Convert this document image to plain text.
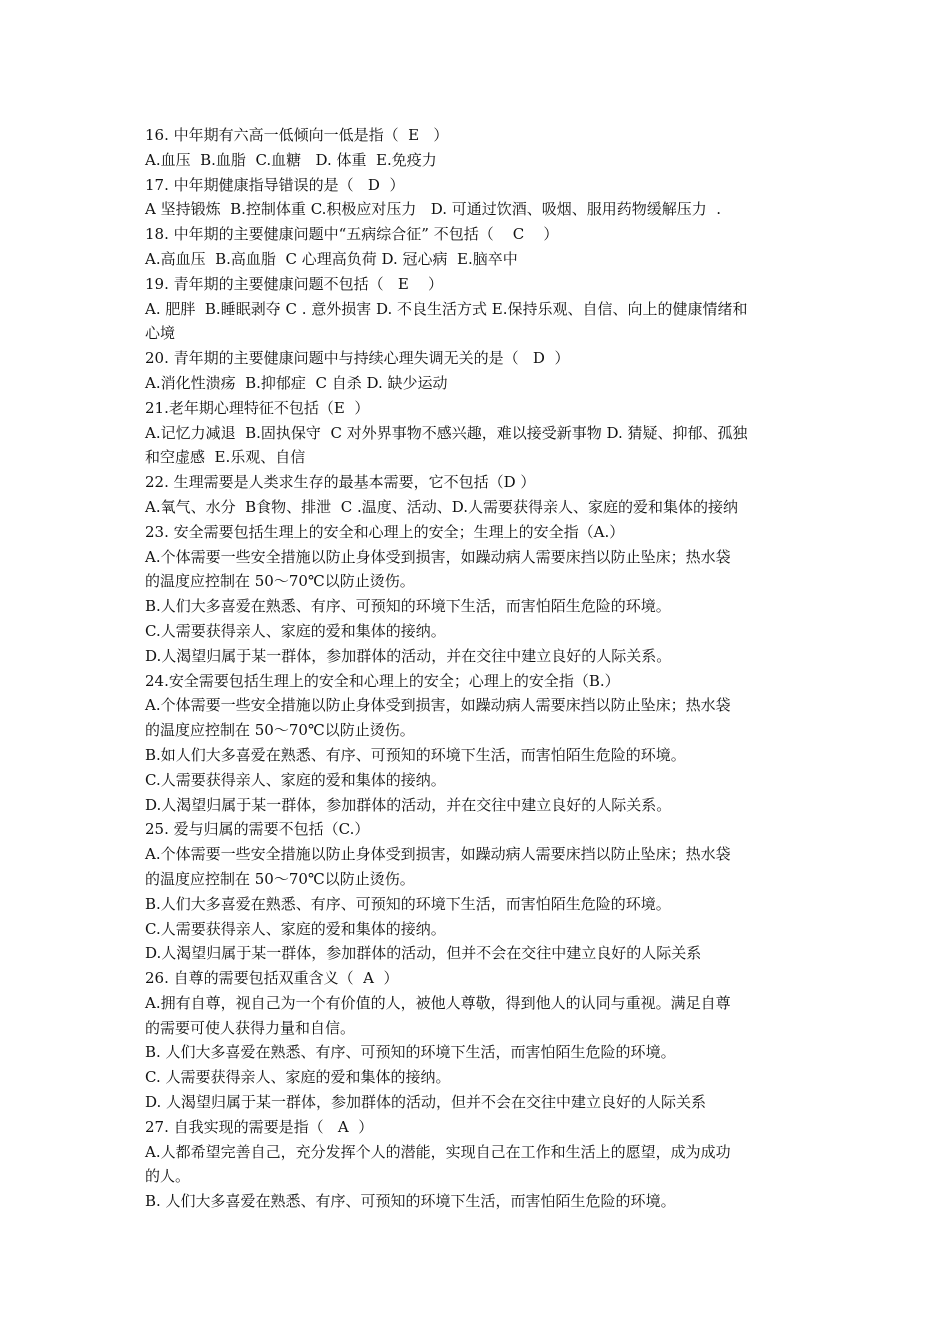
16. 中年期有六高一低倾向一低是指（  E   ）
A.血压  B.血脂  C.血糖   D. 体重  E.免疫力
17. 中年期健康指导错误的是（   D  ）
A 坚持锻炼  B.控制体重 C.积极应对压力   D. 可通过饮酒、吸烟、服用药物缓解压力  .
18. 中年期的主要健康问题中“五病综合征” 不包括（    C    ）
A.高血压  B.高血脂  C 心理高负荷 D. 冠心病  E.脑卒中
19. 青年期的主要健康问题不包括（   E    ）
A. 肥胖  B.睡眠剥夺 C . 意外损害 D. 不良生活方式 E.保持乐观、自信、向上的健康情绪和
心境
20. 青年期的主要健康问题中与持续心理失调无关的是（   D  ）
A.消化性溃疡  B.抑郁症  C 自杀 D. 缺少运动
21.老年期心理特征不包括（E  ）
A.记忆力减退  B.固执保守  C 对外界事物不感兴趣，难以接受新事物 D. 猜疑、抑郁、孤独
和空虚感  E.乐观、自信
22. 生理需要是人类求生存的最基本需要，它不包括（D ）
A.氧气、水分  B食物、排泄  C .温度、活动、D.人需要获得亲人、家庭的爱和集体的接纳
23. 安全需要包括生理上的安全和心理上的安全；生理上的安全指（A.）
A.个体需要一些安全措施以防止身体受到损害，如躁动病人需要床挡以防止坠床；热水袋
的温度应控制在 50～70℃以防止烫伤。
B.人们大多喜爱在熟悉、有序、可预知的环境下生活，而害怕陌生危险的环境。
C.人需要获得亲人、家庭的爱和集体的接纳。
D.人渴望归属于某一群体，参加群体的活动，并在交往中建立良好的人际关系。
24.安全需要包括生理上的安全和心理上的安全；心理上的安全指（B.）
A.个体需要一些安全措施以防止身体受到损害，如躁动病人需要床挡以防止坠床；热水袋
的温度应控制在 50～70℃以防止烫伤。
B.如人们大多喜爱在熟悉、有序、可预知的环境下生活，而害怕陌生危险的环境。
C.人需要获得亲人、家庭的爱和集体的接纳。
D.人渴望归属于某一群体，参加群体的活动，并在交往中建立良好的人际关系。
25. 爱与归属的需要不包括（C.）
A.个体需要一些安全措施以防止身体受到损害，如躁动病人需要床挡以防止坠床；热水袋
的温度应控制在 50～70℃以防止烫伤。
B.人们大多喜爱在熟悉、有序、可预知的环境下生活，而害怕陌生危险的环境。
C.人需要获得亲人、家庭的爱和集体的接纳。
D.人渴望归属于某一群体，参加群体的活动，但并不会在交往中建立良好的人际关系
26. 自尊的需要包括双重含义（  A  ）
A.拥有自尊，视自己为一个有价值的人，被他人尊敬，得到他人的认同与重视。满足自尊
的需要可使人获得力量和自信。
B. 人们大多喜爱在熟悉、有序、可预知的环境下生活，而害怕陌生危险的环境。
C. 人需要获得亲人、家庭的爱和集体的接纳。
D. 人渴望归属于某一群体，参加群体的活动，但并不会在交往中建立良好的人际关系
27. 自我实现的需要是指（   A  ）
A.人都希望完善自己，充分发挥个人的潜能，实现自己在工作和生活上的愿望，成为成功
的人。
B. 人们大多喜爱在熟悉、有序、可预知的环境下生活，而害怕陌生危险的环境。
